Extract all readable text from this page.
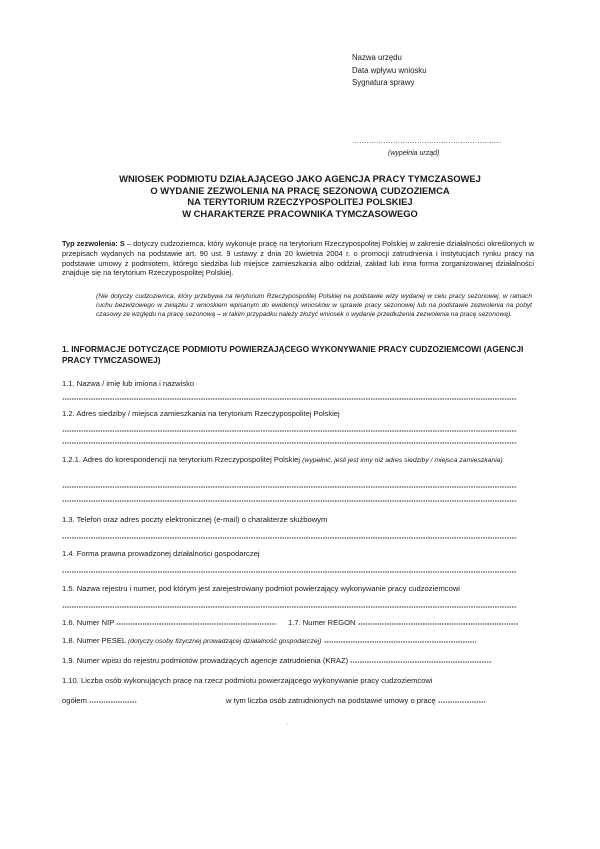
Nazwa urzędu
Data wpływu wniosku
Sygnatura sprawy
..............................................................
(wypełnia urząd)
WNIOSEK PODMIOTU DZIAŁAJĄCEGO JAKO AGENCJA PRACY TYMCZASOWEJ
O WYDANIE ZEZWOLENIA NA PRACĘ SEZONOWĄ CUDZOZIEMCA
NA TERYTORIUM RZECZYPOSPOLITEJ POLSKIEJ
W CHARAKTERZE PRACOWNIKA TYMCZASOWEGO
Typ zezwolenia: S – dotyczy cudzoziemca, który wykonuje pracę na terytorium Rzeczypospolitej Polskiej w zakresie działalności określonych w przepisach wydanych na podstawie art. 90 ust. 9 ustawy z dnia 20 kwietnia 2004 r. o promocji zatrudnienia i instytucjach rynku pracy na podstawie umowy z podmiotem, którego siedziba lub miejsce zamieszkania albo oddział, zakład lub inna forma zorganizowanej działalności znajduje się na terytorium Rzeczypospolitej Polskiej.
(Nie dotyczy cudzoziemca, który przebywa na terytorium Rzeczypospolitej Polskiej na podstawie wizy wydanej w celu pracy sezonowej, w ramach ruchu bezwizowego w związku z wnioskiem wpisanym do ewidencji wniosków w sprawie pracy sezonowej lub na podstawie zezwolenia na pobyt czasowy ze względu na pracę sezonową – w takim przypadku należy złożyć wniosek o wydanie przedłużenia zezwolenia na pracę sezonową).
1. INFORMACJE DOTYCZĄCE PODMIOTU POWIERZAJĄCEGO WYKONYWANIE PRACY CUDZOZIEMCOWI (AGENCJI PRACY TYMCZASOWEJ)
1.1. Nazwa / imię lub imiona i nazwisko
1.2. Adres siedziby / miejsca zamieszkania na terytorium Rzeczypospolitej Polskiej
1.2.1. Adres do korespondencji na terytorium Rzeczypospolitej Polskiej (wypełnić, jeśli jest inny niż adres siedziby / miejsca zamieszkania)
1.3. Telefon oraz adres poczty elektronicznej (e-mail) o charakterze służbowym
1.4. Forma prawna prowadzonej działalności gospodarczej
1.5. Nazwa rejestru i numer, pod którym jest zarejestrowany podmiot powierzający wykonywanie pracy cudzoziemcowi
1.6. Numer NIP	1.7. Numer REGON
1.8. Numer PESEL (dotyczy osoby fizycznej prowadzącej działalność gospodarczej)
1.9. Numer wpisu do rejestru podmiotów prowadzących agencje zatrudnienia (KRAZ)
1.10. Liczba osób wykonujących pracę na rzecz podmiotu powierzającego wykonywanie pracy cudzoziemcowi
ogółem	w tym liczba osób zatrudnionych na podstawie umowy o pracę
.
